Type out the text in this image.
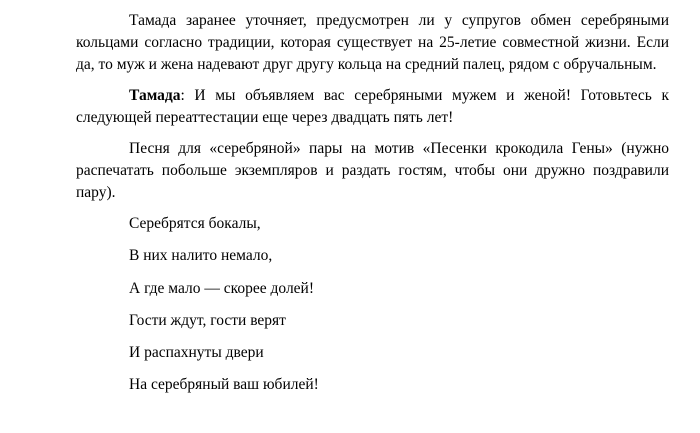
Тамада заранее уточняет, предусмотрен ли у супругов обмен серебряными кольцами согласно традиции, которая существует на 25-летие совместной жизни. Если да, то муж и жена надевают друг другу кольца на средний палец, рядом с обручальным.

Тамада: И мы объявляем вас серебряными мужем и женой! Готовьтесь к следующей переаттестации еще через двадцать пять лет!

Песня для «серебряной» пары на мотив «Песенки крокодила Гены» (нужно распечатать побольше экземпляров и раздать гостям, чтобы они дружно поздравили пару).

Серебрятся бокалы,

В них налито немало,

А где мало — скорее долей!

Гости ждут, гости верят

И распахнуты двери

На серебряный ваш юбилей!
